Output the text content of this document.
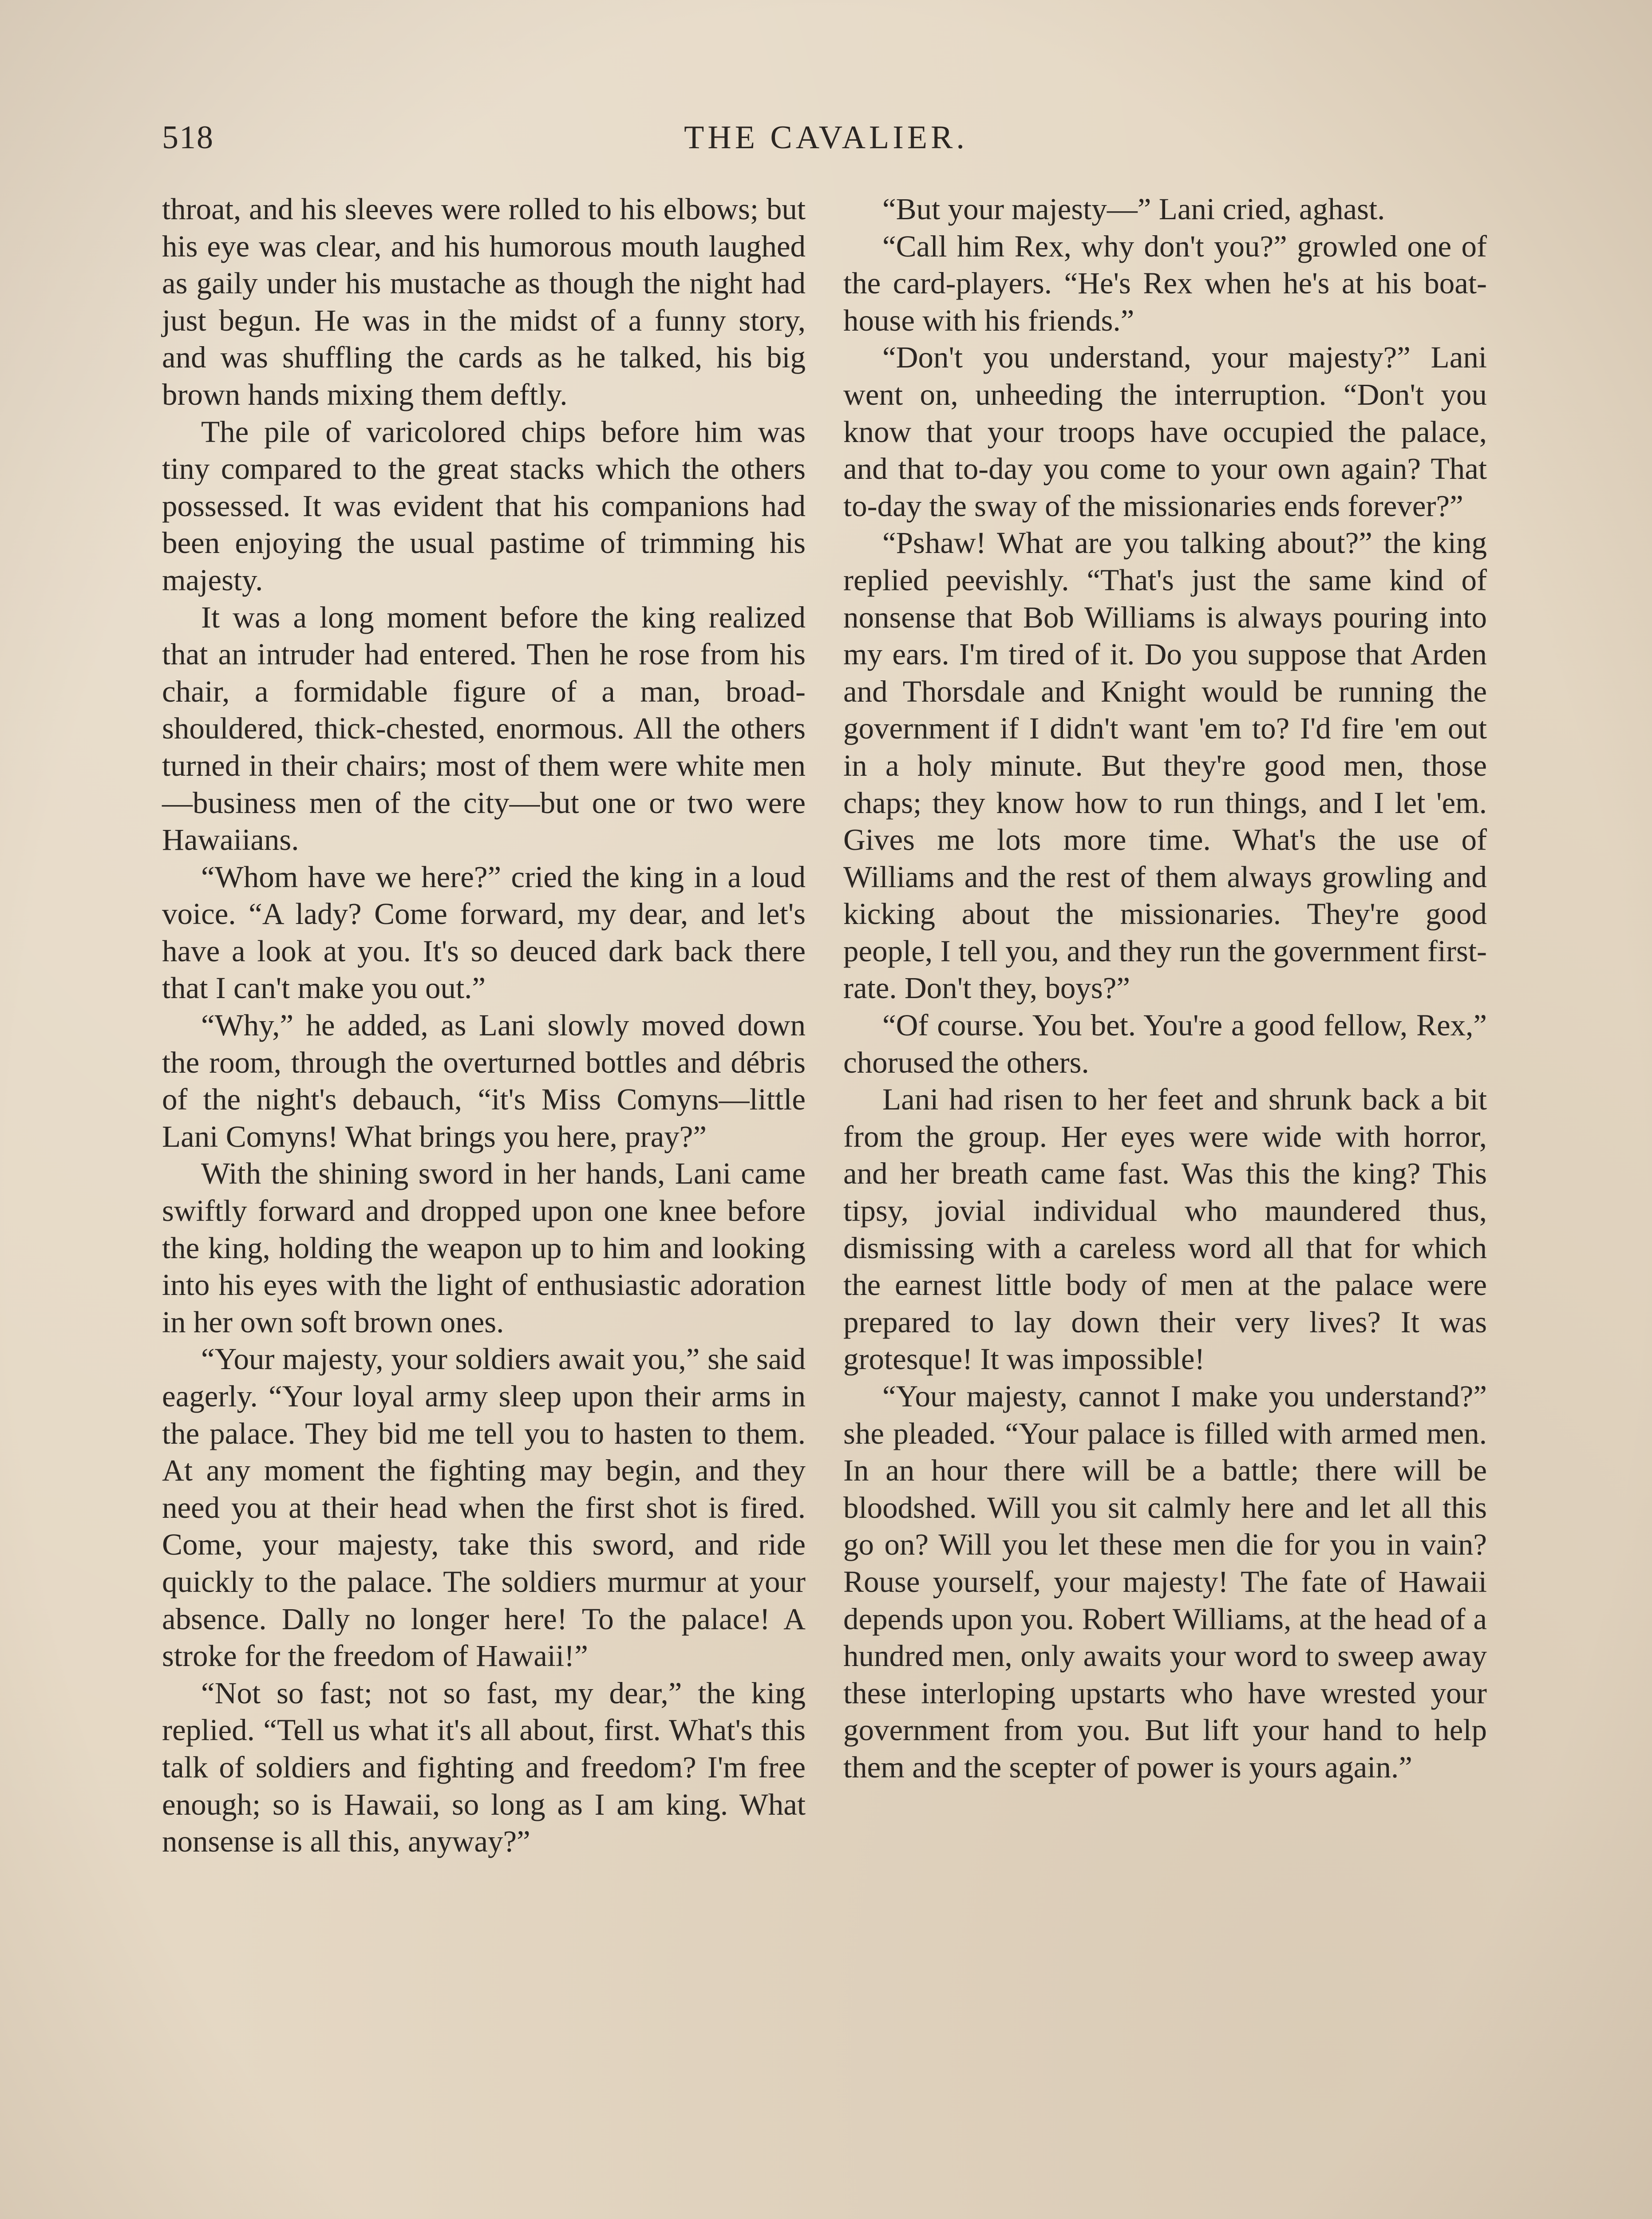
518	THE CAVALIER.

throat, and his sleeves were rolled to his elbows; but his eye was clear, and his humorous mouth laughed as gaily under his mustache as though the night had just begun. He was in the midst of a funny story, and was shuffling the cards as he talked, his big brown hands mixing them deftly.

The pile of varicolored chips before him was tiny compared to the great stacks which the others possessed. It was evident that his companions had been enjoying the usual pastime of trimming his majesty.

It was a long moment before the king realized that an intruder had entered. Then he rose from his chair, a formidable figure of a man, broad-shouldered, thick-chested, enormous. All the others turned in their chairs; most of them were white men—business men of the city—but one or two were Hawaiians.

“Whom have we here?” cried the king in a loud voice. “A lady? Come forward, my dear, and let's have a look at you. It's so deuced dark back there that I can't make you out.”

“Why,” he added, as Lani slowly moved down the room, through the overturned bottles and débris of the night's debauch, “it's Miss Comyns—little Lani Comyns! What brings you here, pray?”

With the shining sword in her hands, Lani came swiftly forward and dropped upon one knee before the king, holding the weapon up to him and looking into his eyes with the light of enthusiastic adoration in her own soft brown ones.

“Your majesty, your soldiers await you,” she said eagerly. “Your loyal army sleep upon their arms in the palace. They bid me tell you to hasten to them. At any moment the fighting may begin, and they need you at their head when the first shot is fired. Come, your majesty, take this sword, and ride quickly to the palace. The soldiers murmur at your absence. Dally no longer here! To the palace! A stroke for the freedom of Hawaii!”

“Not so fast; not so fast, my dear,” the king replied. “Tell us what it's all about, first. What's this talk of soldiers and fighting and freedom? I'm free enough; so is Hawaii, so long as I am king. What nonsense is all this, anyway?”

“But your majesty—” Lani cried, aghast.

“Call him Rex, why don't you?” growled one of the card-players. “He's Rex when he's at his boat-house with his friends.”

“Don't you understand, your majesty?” Lani went on, unheeding the interruption. “Don't you know that your troops have occupied the palace, and that to-day you come to your own again? That to-day the sway of the missionaries ends forever?”

“Pshaw! What are you talking about?” the king replied peevishly. “That's just the same kind of nonsense that Bob Williams is always pouring into my ears. I'm tired of it. Do you suppose that Arden and Thorsdale and Knight would be running the government if I didn't want 'em to? I'd fire 'em out in a holy minute. But they're good men, those chaps; they know how to run things, and I let 'em. Gives me lots more time. What's the use of Williams and the rest of them always growling and kicking about the missionaries. They're good people, I tell you, and they run the government first-rate. Don't they, boys?”

“Of course. You bet. You're a good fellow, Rex,” chorused the others.

Lani had risen to her feet and shrunk back a bit from the group. Her eyes were wide with horror, and her breath came fast. Was this the king? This tipsy, jovial individual who maundered thus, dismissing with a careless word all that for which the earnest little body of men at the palace were prepared to lay down their very lives? It was grotesque! It was impossible!

“Your majesty, cannot I make you understand?” she pleaded. “Your palace is filled with armed men. In an hour there will be a battle; there will be bloodshed. Will you sit calmly here and let all this go on? Will you let these men die for you in vain? Rouse yourself, your majesty! The fate of Hawaii depends upon you. Robert Williams, at the head of a hundred men, only awaits your word to sweep away these interloping upstarts who have wrested your government from you. But lift your hand to help them and the scepter of power is yours again.”
